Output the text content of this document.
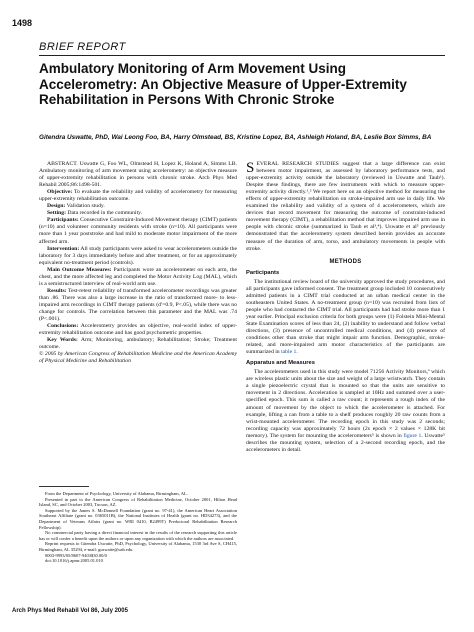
1498
BRIEF REPORT
Ambulatory Monitoring of Arm Movement Using Accelerometry: An Objective Measure of Upper-Extremity Rehabilitation in Persons With Chronic Stroke
Gitendra Uswatte, PhD, Wai Leong Foo, BA, Harry Olmstead, BS, Kristine Lopez, BA, Ashleigh Holand, BA, Leslie Box Simms, BA

ABSTRACT. Uswatte G, Foo WL, Olmstead H, Lopez K, Holand A, Simms LB. Ambulatory monitoring of arm movement using accelerometry: an objective measure of upper-extremity rehabilitation in persons with chronic stroke. Arch Phys Med Rehabil 2005;86:1498-501.

Objective: To evaluate the reliability and validity of accelerometry for measuring upper-extremity rehabilitation outcome.

Design: Validation study.

Setting: Data recorded in the community.

Participants: Consecutive Constraint-Induced Movement therapy (CIMT) patients (n=10) and volunteer community residents with stroke (n=10). All participants were more than 1 year poststroke and had mild to moderate motor impairment of the more affected arm.

Intervention: All study participants were asked to wear accelerometers outside the laboratory for 3 days immediately before and after treatment, or for an approximately equivalent no-treatment period (controls).

Main Outcome Measures: Participants wore an accelerometer on each arm, the chest, and the more affected leg and completed the Motor Activity Log (MAL), which is a semistructured interview of real-world arm use.

Results: Test-retest reliability of transformed accelerometer recordings was greater than .86. There was also a large increase in the ratio of transformed more- to less-impaired arm recordings in CIMT therapy patients (d′=0.9, P<.05), while there was no change for controls. The correlation between this parameter and the MAL was .74 (P<.001).

Conclusions: Accelerometry provides an objective, real-world index of upper-extremity rehabilitation outcome and has good psychometric properties.

Key Words: Arm; Monitoring, ambulatory; Rehabilitation; Stroke; Treatment outcome.

© 2005 by American Congress of Rehabilitation Medicine and the American Academy of Physical Medicine and Rehabilitation

From the Department of Psychology, University of Alabama, Birmingham, AL.

Presented in part to the American Congress of Rehabilitation Medicine, October 2001, Hilton Head Island, SC, and October 2003, Tucson, AZ.

Supported by the James S. McDonnell Foundation (grant no. 97-41), the American Heart Association Southeast Affiliate (grant no. 0365011B), the National Institutes of Health (grant no. HD34273), and the Department of Veterans Affairs (grant no. WRI 0410, B2499T) Predoctoral Rehabilitation Research Fellowship).

No commercial party having a direct financial interest in the results of the research supporting this article has or will confer a benefit upon the authors or upon any organization with which the authors are associated.

Reprint requests to Gitendra Uswatte, PhD, Psychology, University of Alabama, 1530 3rd Ave S, CH415, Birmingham, AL 35294, e-mail: guswatte@uab.edu.

0003-9993/05/8607-9403$30.00/0

doi:10.1016/j.apmr.2005.01.010

Arch Phys Med Rehabil Vol 86, July 2005

SEVERAL RESEARCH STUDIES suggest that a large difference can exist between motor impairment, as assessed by laboratory performance tests, and upper-extremity activity outside the laboratory (reviewed in Uswatte and Taub¹). Despite these findings, there are few instruments with which to measure upper-extremity activity directly.¹,² We report here on an objective method for measuring the effects of upper-extremity rehabilitation on stroke-impaired arm use in daily life. We examined the reliability and validity of a system of 4 accelerometers, which are devices that record movement for measuring the outcome of constraint-induced movement therapy (CIMT), a rehabilitation method that improves impaired arm use in people with chronic stroke (summarized in Taub et al³,⁴). Uswatte et al⁵ previously demonstrated that the accelerometry system described herein provides an accurate measure of the duration of arm, torso, and ambulatory movements in people with stroke.

METHODS
Participants

The institutional review board of the university approved the study procedures, and all participants gave informed consent. The treatment group included 10 consecutively admitted patients in a CIMT trial conducted at an urban medical center in the southeastern United States. A no-treatment group (n=10) was recruited from lists of people who had contacted the CIMT trial. All participants had had stroke more than 1 year earlier. Principal exclusion criteria for both groups were (1) Folstein Mini-Mental State Examination scores of less than 24, (2) inability to understand and follow verbal directions, (3) presence of uncontrolled medical conditions, and (4) presence of conditions other than stroke that might impair arm function. Demographic, stroke-related, and more-impaired arm motor characteristics of the participants are summarized in table 1.

Apparatus and Measures

The accelerometers used in this study were model 71256 Activity Monitors,ª which are wireless plastic units about the size and weight of a large wristwatch. They contain a single piezoelectric crystal that is mounted so that the units are sensitive to movement in 2 directions. Acceleration is sampled at 10Hz and summed over a user-specified epoch. This sum is called a raw count; it represents a rough index of the amount of movement by the object to which the accelerometer is attached. For example, lifting a can from a table to a shelf produces roughly 20 raw counts from a wrist-mounted accelerometer. The recording epoch in this study was 2 seconds; recording capacity was approximately 72 hours (2s epoch × 2 values × 128K bit memory). The system for mounting the accelerometers⁵ is shown in figure 1. Uswatte⁵ describes the mounting system, selection of a 2-second recording epoch, and the accelerometers in detail.
